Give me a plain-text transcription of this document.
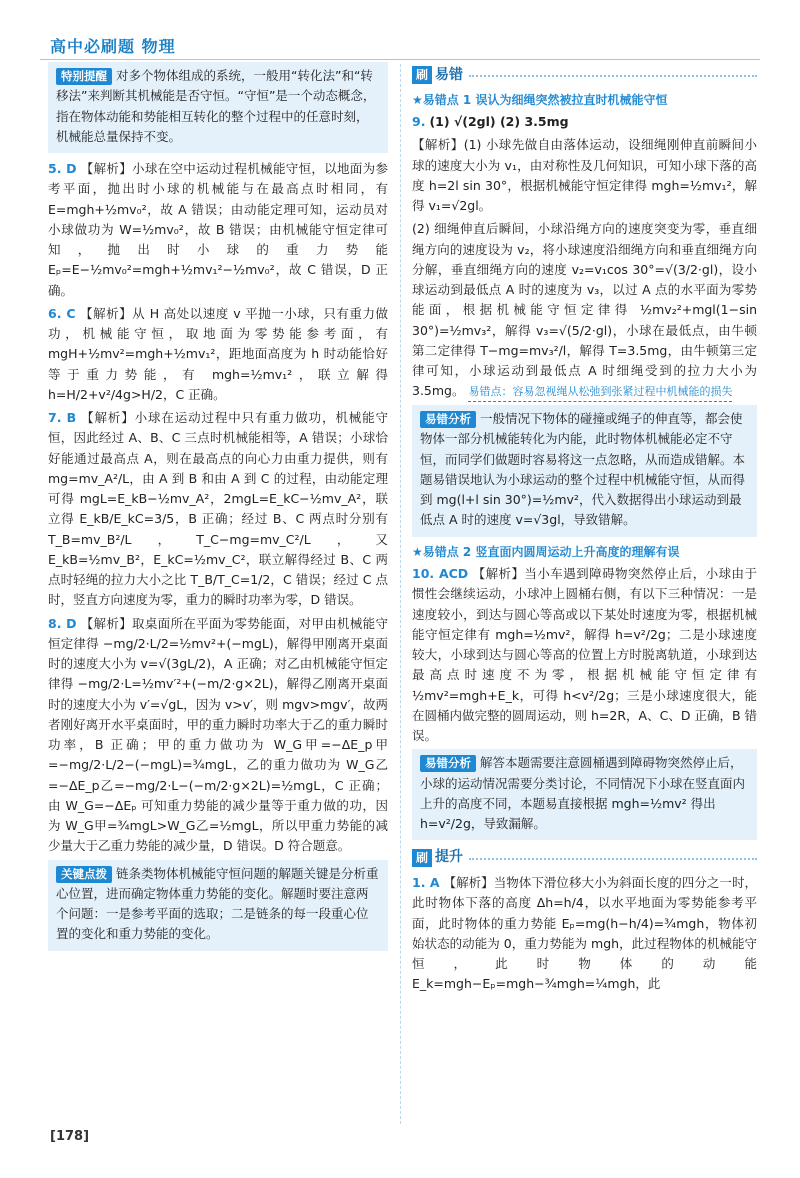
高中必刷题 物理
特别提醒 对多个物体组成的系统，一般用“转化法”和“转移法”来判断其机械能是否守恒。“守恒”是一个动态概念，指在物体动能和势能相互转化的整个过程中的任意时刻，机械能总量保持不变。
5. D 【解析】小球在空中运动过程机械能守恒，以地面为参考平面，抛出时小球的机械能与在最高点时相同，有 E=mgh+½mv₀²，故 A 错误；由动能定理可知，运动员对小球做功为 W=½mv₀²，故 B 错误；由机械能守恒定律可知，抛出时小球的重力势能 Eₚ=E−½mv₀²=mgh+½mv₁²−½mv₀²，故 C 错误，D 正确。
6. C 【解析】从 H 高处以速度 v 平抛一小球，只有重力做功，机械能守恒，取地面为零势能参考面，有 mgH+½mv²=mgh+½mv₁²，距地面高度为 h 时动能恰好等于重力势能，有 mgh=½mv₁²，联立解得 h=H/2+v²/4g>H/2，C 正确。
7. B 【解析】小球在运动过程中只有重力做功，机械能守恒，因此经过 A、B、C 三点时机械能相等，A 错误；小球恰好能通过最高点 A，则在最高点的向心力由重力提供，则有 mg=mv_A²/L，由 A 到 B 和由 A 到 C 的过程，由动能定理可得 mgL=E_kB−½mv_A²，2mgL=E_kC−½mv_A²，联立得 E_kB/E_kC=3/5，B 正确；经过 B、C 两点时分别有 T_B=mv_B²/L，T_C−mg=mv_C²/L，又 E_kB=½mv_B²，E_kC=½mv_C²，联立解得经过 B、C 两点时轻绳的拉力大小之比 T_B/T_C=1/2，C 错误；经过 C 点时，竖直方向速度为零，重力的瞬时功率为零，D 错误。
8. D 【解析】取桌面所在平面为零势能面，对甲由机械能守恒定律得 −mg/2·L/2=½mv²+(−mgL)，解得甲刚离开桌面时的速度大小为 v=√(3gL/2)，A 正确；对乙由机械能守恒定律得 −mg/2·L=½mv′²+(−m/2·g×2L)，解得乙刚离开桌面时的速度大小为 v′=√gL，因为 v>v′，则 mgv>mgv′，故两者刚好离开水平桌面时，甲的重力瞬时功率大于乙的重力瞬时功率，B 正确；甲的重力做功为 W_G甲=−ΔE_p甲=−mg/2·L/2−(−mgL)=¾mgL，乙的重力做功为 W_G乙=−ΔE_p乙=−mg/2·L−(−m/2·g×2L)=½mgL，C 正确；由 W_G=−ΔEₚ 可知重力势能的减少量等于重力做的功，因为 W_G甲=¾mgL>W_G乙=½mgL，所以甲重力势能的减少量大于乙重力势能的减少量，D 错误。D 符合题意。
关键点拨 链条类物体机械能守恒问题的解题关键是分析重心位置，进而确定物体重力势能的变化。解题时要注意两个问题：一是参考平面的选取；二是链条的每一段重心位置的变化和重力势能的变化。
刷 易错
★易错点 1 误认为细绳突然被拉直时机械能守恒
9. (1) √(2gl) (2) 3.5mg
【解析】(1) 小球先做自由落体运动，设细绳刚伸直前瞬间小球的速度大小为 v₁，由对称性及几何知识，可知小球下落的高度 h=2l sin 30°，根据机械能守恒定律得 mgh=½mv₁²，解得 v₁=√2gl。
(2) 细绳伸直后瞬间，小球沿绳方向的速度突变为零，垂直细绳方向的速度设为 v₂，将小球速度沿细绳方向和垂直细绳方向分解，垂直细绳方向的速度 v₂=v₁cos 30°=√(3/2·gl)，设小球运动到最低点 A 时的速度为 v₃，以过 A 点的水平面为零势能面，根据机械能守恒定律得 ½mv₂²+mgl(1−sin 30°)=½mv₃²，解得 v₃=√(5/2·gl)，小球在最低点，由牛顿第二定律得 T−mg=mv₃²/l，解得 T=3.5mg，由牛顿第三定律可知，小球运动到最低点 A 时细绳受到的拉力大小为 3.5mg。 易错点：容易忽视绳从松弛到张紧过程中机械能的损失
易错分析 一般情况下物体的碰撞或绳子的伸直等，都会使物体一部分机械能转化为内能，此时物体机械能必定不守恒，而同学们做题时容易将这一点忽略，从而造成错解。本题易错误地认为小球运动的整个过程中机械能守恒，从而得到 mg(l+l sin 30°)=½mv²，代入数据得出小球运动到最低点 A 时的速度 v=√3gl，导致错解。
★易错点 2 竖直面内圆周运动上升高度的理解有误
10. ACD 【解析】当小车遇到障碍物突然停止后，小球由于惯性会继续运动，小球冲上圆桶右侧，有以下三种情况：一是速度较小，到达与圆心等高或以下某处时速度为零，根据机械能守恒定律有 mgh=½mv²，解得 h=v²/2g；二是小球速度较大，小球到达与圆心等高的位置上方时脱离轨道，小球到达最高点时速度不为零，根据机械能守恒定律有 ½mv²=mgh+E_k，可得 h<v²/2g；三是小球速度很大，能在圆桶内做完整的圆周运动，则 h=2R，A、C、D 正确，B 错误。
易错分析 解答本题需要注意圆桶遇到障碍物突然停止后，小球的运动情况需要分类讨论，不同情况下小球在竖直面内上升的高度不同，本题易直接根据 mgh=½mv² 得出 h=v²/2g，导致漏解。
刷 提升
1. A 【解析】当物体下滑位移大小为斜面长度的四分之一时，此时物体下落的高度 Δh=h/4，以水平地面为零势能参考平面，此时物体的重力势能 Eₚ=mg(h−h/4)=¾mgh，物体初始状态的动能为 0，重力势能为 mgh，此过程物体的机械能守恒，此时物体的动能 E_k=mgh−Eₚ=mgh−¾mgh=¼mgh，此
[178]
